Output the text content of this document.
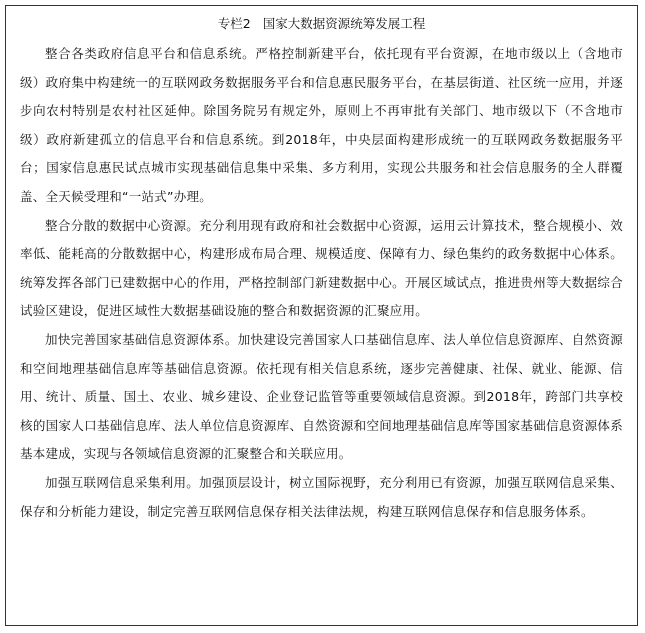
专栏2 国家大数据资源统筹发展工程

整合各类政府信息平台和信息系统。严格控制新建平台，依托现有平台资源，在地市级以上（含地市级）政府集中构建统一的互联网政务数据服务平台和信息惠民服务平台，在基层街道、社区统一应用，并逐步向农村特别是农村社区延伸。除国务院另有规定外，原则上不再审批有关部门、地市级以下（不含地市级）政府新建孤立的信息平台和信息系统。到2018年，中央层面构建形成统一的互联网政务数据服务平台；国家信息惠民试点城市实现基础信息集中采集、多方利用，实现公共服务和社会信息服务的全人群覆盖、全天候受理和“一站式”办理。

整合分散的数据中心资源。充分利用现有政府和社会数据中心资源，运用云计算技术，整合规模小、效率低、能耗高的分散数据中心，构建形成布局合理、规模适度、保障有力、绿色集约的政务数据中心体系。统筹发挥各部门已建数据中心的作用，严格控制部门新建数据中心。开展区域试点，推进贵州等大数据综合试验区建设，促进区域性大数据基础设施的整合和数据资源的汇聚应用。

加快完善国家基础信息资源体系。加快建设完善国家人口基础信息库、法人单位信息资源库、自然资源和空间地理基础信息库等基础信息资源。依托现有相关信息系统，逐步完善健康、社保、就业、能源、信用、统计、质量、国土、农业、城乡建设、企业登记监管等重要领域信息资源。到2018年，跨部门共享校核的国家人口基础信息库、法人单位信息资源库、自然资源和空间地理基础信息库等国家基础信息资源体系基本建成，实现与各领域信息资源的汇聚整合和关联应用。

加强互联网信息采集利用。加强顶层设计，树立国际视野，充分利用已有资源，加强互联网信息采集、保存和分析能力建设，制定完善互联网信息保存相关法律法规，构建互联网信息保存和信息服务体系。
